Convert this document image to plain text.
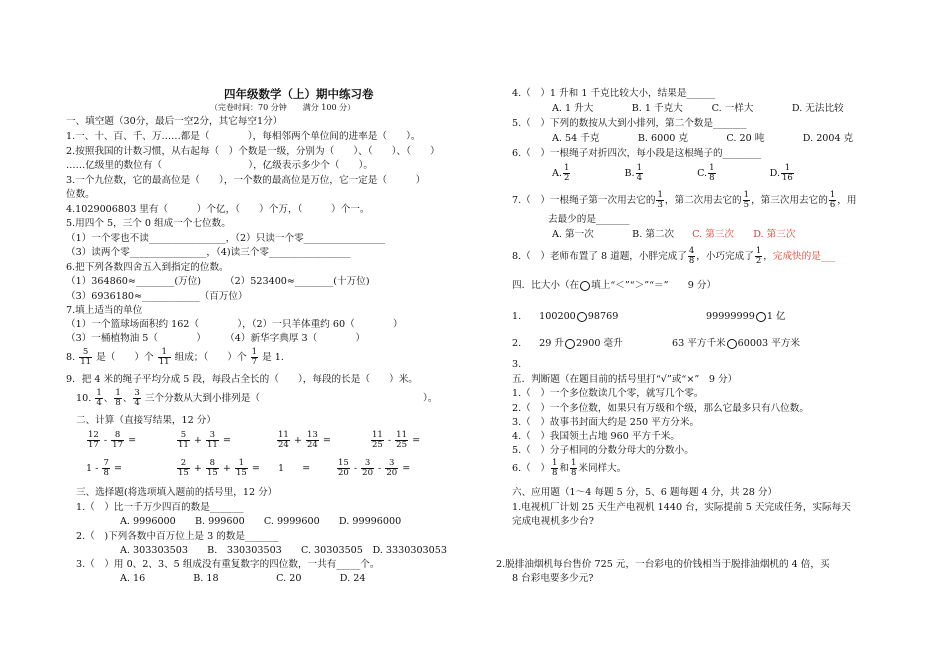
四年级数学（上）期中练习卷
（完卷时间：70 分钟　　满分 100 分）
一、填空题（30分，最后一空2分，其它每空1分）
1.一、十、百、千、万……都是（　　　　），每相邻两个单位间的进率是（　　）。
2.按照我国的计数习惯，从右起每（　）个数是一级，分别为（　　）、（　　）、（　　）
……亿级里的数位有（　　　　　　　　　），亿级表示多少个（　　）。
3.一个九位数，它的最高位是（　　），一个数的最高位是万位，它一定是（　　　）
位数。
4.1029006803 里有（　　　）个亿，（　　）个万，（　　　）个一。
5.用四个 5，三个 0 组成一个七位数。
（1）一个零也不读________________，（2）只读一个零_________________
（3）读两个零________________，（4)读三个零_________________
6.把下列各数四舍五入到指定的位数。
（1）364860≈________(万位)　　　（2）523400≈________(十万位)
（3）6936180≈____________（百万位）
7.填上适当的单位
（1）一个篮球场面积约 162（　　　　），（2）一只羊体重约 60（　　　　）
（3）一桶植物油 5（　　　　）　　　（4）新华字典厚 3（　　　　）
8. $\frac{5}{11}$ 是（　　）个 $\frac{1}{11}$ 组成；（　　）个 $\frac{1}{7}$ 是 1.
9．把 4 米的绳子平均分成 5 段，每段占全长的（　　），每段的长是（　　）米。
10. $\frac{1}{4}$ 、 $\frac{1}{8}$ 、 $\frac{3}{4}$ 三个分数从大到小排列是（　　　　　　　　　　　　　　　　　）。
二、计算（直接写结果，12 分）
$\frac{12}{17} - \frac{8}{17}$ =	$\frac{5}{11} + \frac{3}{11}$ =	$\frac{11}{24} + \frac{13}{24}$ =	$\frac{11}{25} - \frac{11}{25}$ =
$1 - \frac{7}{8}$ =	$\frac{2}{15} + \frac{8}{15} + \frac{1}{15} = 1$ =	$\frac{15}{20} - \frac{3}{20} - \frac{3}{20}$ =
三、选择题(将选项填入题前的括号里，12 分）
1.（　）比一千万少四百的数是_______
A. 9996000　　B. 999600　　C. 9999600　　D. 99996000
2.（　)下列各数中百万位上是 3 的数是_______
A. 303303503　　B.　330303503　　C. 30303505　D. 3330303053
3.（　）用 0、2、3、5 组成没有重复数字的四位数，一共有_____个。
A. 16　　　　　B. 18　　　　　　C. 20　　　　D. 24
4.（　）1 升和 1 千克比较大小，结果是______
A. 1 升大　　　　B. 1 千克大　　　C. 一样大　　　　D. 无法比较
5.（　）下列的数按从大到小排列，第二个数是_______
A. 54 千克　　　　B. 6000 克　　　　C. 20 吨　　　　D. 2004 克
6.（　）一根绳子对折四次，每小段是这根绳子的________
A. $\frac{1}{2}$	B. $\frac{1}{4}$	C. $\frac{1}{8}$	D. $\frac{1}{16}$
7.（　）一根绳子第一次用去它的 $\frac{1}{3}$ ，第二次用去它的 $\frac{1}{5}$ ，第三次用去它的 $\frac{1}{6}$ ，用
去最少的是_______
A. 第一次　　　　B. 第二次 C. 第三次　　D. 第三次
8.（　）老师布置了 8 道题，小胖完成了 $\frac{4}{8}$ ，小巧完成了 $\frac{1}{2}$ ，完成快的是___
四．比大小（在 填上“＜”“＞”“＝”　　9 分）
1. 100200 98769	99999999 1 亿
2. 29 升 2900 毫升	63 平方千米 60003 平方米
3.
五．判断题（在题目前的括号里打“√”或“×”　9 分）
1.（　）一个多位数读几个零，就写几个零。
2.（　）一个多位数，如果只有万级和个级，那么它最多只有八位数。
3.（　）故事书封面大约是 250 平方分米。
4.（　）我国领土占地 960 平方千米。
5.（　）分子相同的分数分母大的分数小。
6.（　） $\frac{1}{8}$ 和 $\frac{1}{8}$ 米同样大。
六、应用题（1～4 每题 5 分，5、6 题每题 4 分，共 28 分）
1.电视机厂计划 25 天生产电视机 1440 台，实际提前 5 天完成任务，实际每天
完成电视机多少台?
2.脱排油烟机每台售价 725 元，一台彩电的价钱相当于脱排油烟机的 4 倍，买
8 台彩电要多少元?
